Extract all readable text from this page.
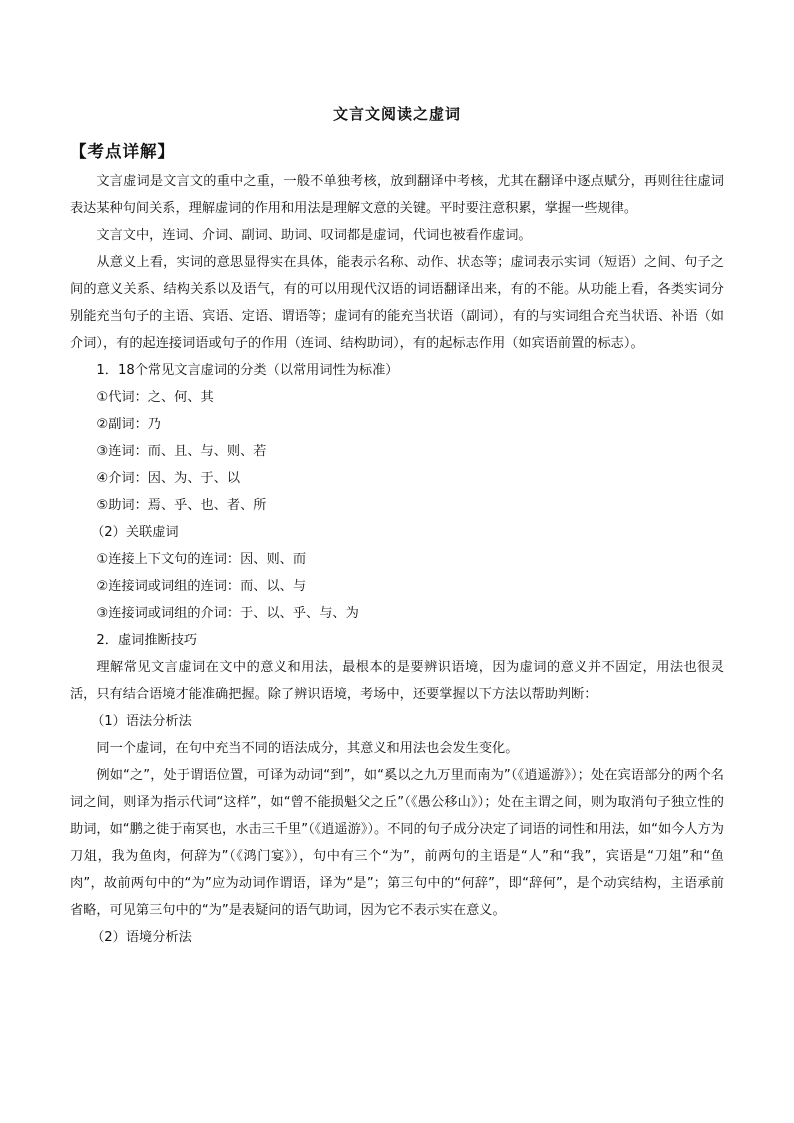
文言文阅读之虚词
【考点详解】

文言虚词是文言文的重中之重，一般不单独考核，放到翻译中考核，尤其在翻译中逐点赋分，再则往往虚词表达某种句间关系，理解虚词的作用和用法是理解文意的关键。平时要注意积累，掌握一些规律。

文言文中，连词、介词、副词、助词、叹词都是虚词，代词也被看作虚词。

从意义上看，实词的意思显得实在具体，能表示名称、动作、状态等；虚词表示实词（短语）之间、句子之间的意义关系、结构关系以及语气，有的可以用现代汉语的词语翻译出来，有的不能。从功能上看，各类实词分别能充当句子的主语、宾语、定语、谓语等；虚词有的能充当状语（副词），有的与实词组合充当状语、补语（如介词），有的起连接词语或句子的作用（连词、结构助词），有的起标志作用（如宾语前置的标志）。

1．18个常见文言虚词的分类（以常用词性为标准）

①代词：之、何、其

②副词：乃

③连词：而、且、与、则、若

④介词：因、为、于、以

⑤助词：焉、乎、也、者、所

（2）关联虚词

①连接上下文句的连词：因、则、而

②连接词或词组的连词：而、以、与

③连接词或词组的介词：于、以、乎、与、为

2．虚词推断技巧

理解常见文言虚词在文中的意义和用法，最根本的是要辨识语境，因为虚词的意义并不固定，用法也很灵活，只有结合语境才能准确把握。除了辨识语境，考场中，还要掌握以下方法以帮助判断：

（1）语法分析法

同一个虚词，在句中充当不同的语法成分，其意义和用法也会发生变化。

例如“之”，处于谓语位置，可译为动词“到”，如“奚以之九万里而南为”（《逍遥游》）；处在宾语部分的两个名词之间，则译为指示代词“这样”，如“曾不能损魁父之丘”（《愚公移山》）；处在主谓之间，则为取消句子独立性的助词，如“鹏之徙于南冥也，水击三千里”（《逍遥游》）。不同的句子成分决定了词语的词性和用法，如“如今人方为刀俎，我为鱼肉，何辞为”（《鸿门宴》），句中有三个“为”，前两句的主语是“人”和“我”，宾语是“刀俎”和“鱼肉”，故前两句中的“为”应为动词作谓语，译为“是”；第三句中的“何辞”，即“辞何”，是个动宾结构，主语承前省略，可见第三句中的“为”是表疑问的语气助词，因为它不表示实在意义。

（2）语境分析法
